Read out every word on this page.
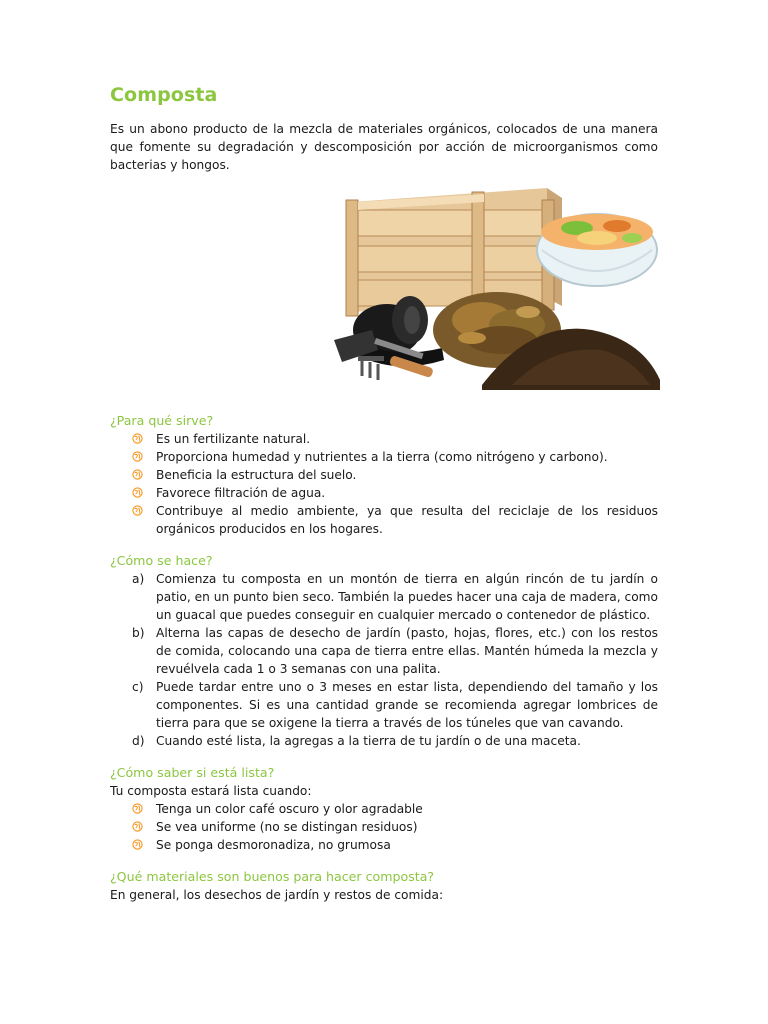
Composta

Es un abono producto de la mezcla de materiales orgánicos, colocados de una manera que fomente su degradación y descomposición por acción de microorganismos como bacterias y hongos.

¿Para qué sirve?
Es un fertilizante natural.
Proporciona humedad y nutrientes a la tierra (como nitrógeno y carbono).
Beneficia la estructura del suelo.
Favorece filtración de agua.
Contribuye al medio ambiente, ya que resulta del reciclaje de los residuos orgánicos producidos en los hogares.
¿Cómo se hace?
a) Comienza tu composta en un montón de tierra en algún rincón de tu jardín o patio, en un punto bien seco. También la puedes hacer una caja de madera, como un guacal que puedes conseguir en cualquier mercado o contenedor de plástico.
b) Alterna las capas de desecho de jardín (pasto, hojas, flores, etc.) con los restos de comida, colocando una capa de tierra entre ellas. Mantén húmeda la mezcla y revuélvela cada 1 o 3 semanas con una palita.
c) Puede tardar entre uno o 3 meses en estar lista, dependiendo del tamaño y los componentes. Si es una cantidad grande se recomienda agregar lombrices de tierra para que se oxigene la tierra a través de los túneles que van cavando.
d) Cuando esté lista, la agregas a la tierra de tu jardín o de una maceta.
¿Cómo saber si está lista?

Tu composta estará lista cuando:

Tenga un color café oscuro y olor agradable
Se vea uniforme (no se distingan residuos)
Se ponga desmoronadiza, no grumosa
¿Qué materiales son buenos para hacer composta?

En general, los desechos de jardín y restos de comida:
